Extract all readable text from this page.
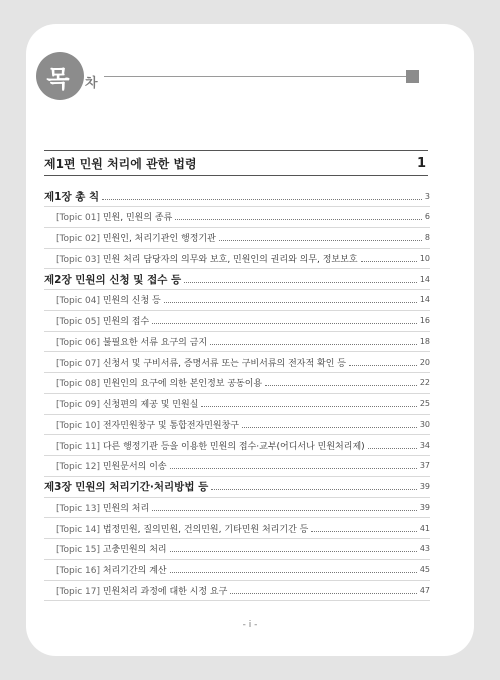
목 차
제1편 민원 처리에 관한 법령	1
제1장 총 칙	3
[Topic 01] 민원, 민원의 종류	6
[Topic 02] 민원인, 처리기관인 행정기관	8
[Topic 03] 민원 처리 담당자의 의무와 보호, 민원인의 권리와 의무, 정보보호	10
제2장 민원의 신청 및 접수 등	14
[Topic 04] 민원의 신청 등	14
[Topic 05] 민원의 접수	16
[Topic 06] 불필요한 서류 요구의 금지	18
[Topic 07] 신청서 및 구비서류, 증명서류 또는 구비서류의 전자적 확인 등	20
[Topic 08] 민원인의 요구에 의한 본인정보 공동이용	22
[Topic 09] 신청편의 제공 및 민원실	25
[Topic 10] 전자민원창구 및 통합전자민원창구	30
[Topic 11] 다른 행정기관 등을 이용한 민원의 접수·교부(어디서나 민원처리제)	34
[Topic 12] 민원문서의 이송	37
제3장 민원의 처리기간·처리방법 등	39
[Topic 13] 민원의 처리	39
[Topic 14] 법정민원, 질의민원, 건의민원, 기타민원 처리기간 등	41
[Topic 15] 고충민원의 처리	43
[Topic 16] 처리기간의 계산	45
[Topic 17] 민원처리 과정에 대한 시정 요구	47
- i -
